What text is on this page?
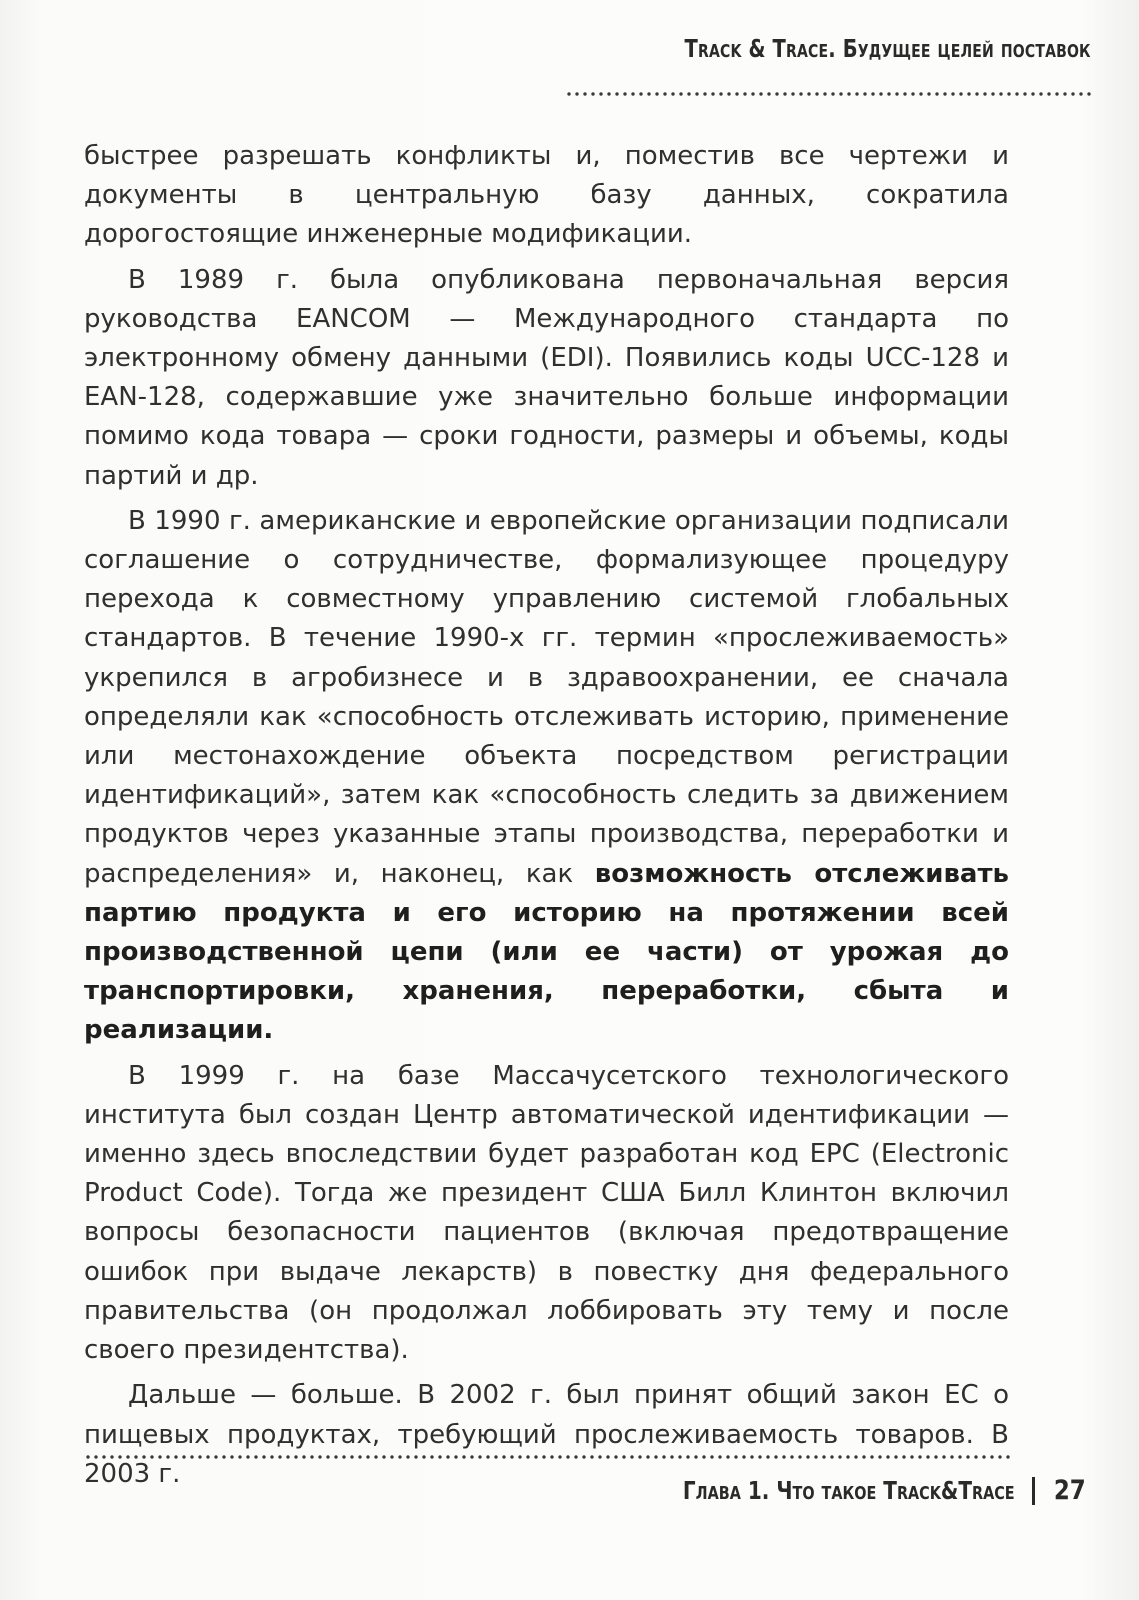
Track & Trace. Будущее целей поставок

быстрее разрешать конфликты и, поместив все чертежи и документы в центральную базу данных, сократила дорогостоящие инженерные модификации.

В 1989 г. была опубликована первоначальная версия руководства EANCOM — Международного стандарта по электронному обмену данными (EDI). Появились коды UCC-128 и EAN-128, содержавшие уже значительно больше информации помимо кода товара — сроки годности, размеры и объемы, коды партий и др.

В 1990 г. американские и европейские организации подписали соглашение о сотрудничестве, формализующее процедуру перехода к совместному управлению системой глобальных стандартов. В течение 1990-х гг. термин «прослеживаемость» укрепился в агробизнесе и в здравоохранении, ее сначала определяли как «способность отслеживать историю, применение или местонахождение объекта посредством регистрации идентификаций», затем как «способность следить за движением продуктов через указанные этапы производства, переработки и распределения» и, наконец, как возможность отслеживать партию продукта и его историю на протяжении всей производственной цепи (или ее части) от урожая до транспортировки, хранения, переработки, сбыта и реализации.

В 1999 г. на базе Массачусетского технологического института был создан Центр автоматической идентификации — именно здесь впоследствии будет разработан код EPC (Electronic Product Code). Тогда же президент США Билл Клинтон включил вопросы безопасности пациентов (включая предотвращение ошибок при выдаче лекарств) в повестку дня федерального правительства (он продолжал лоббировать эту тему и после своего президентства).

Дальше — больше. В 2002 г. был принят общий закон ЕС о пищевых продуктах, требующий прослеживаемость товаров. В 2003 г.

Глава 1. Что такое Track&Trace 27
